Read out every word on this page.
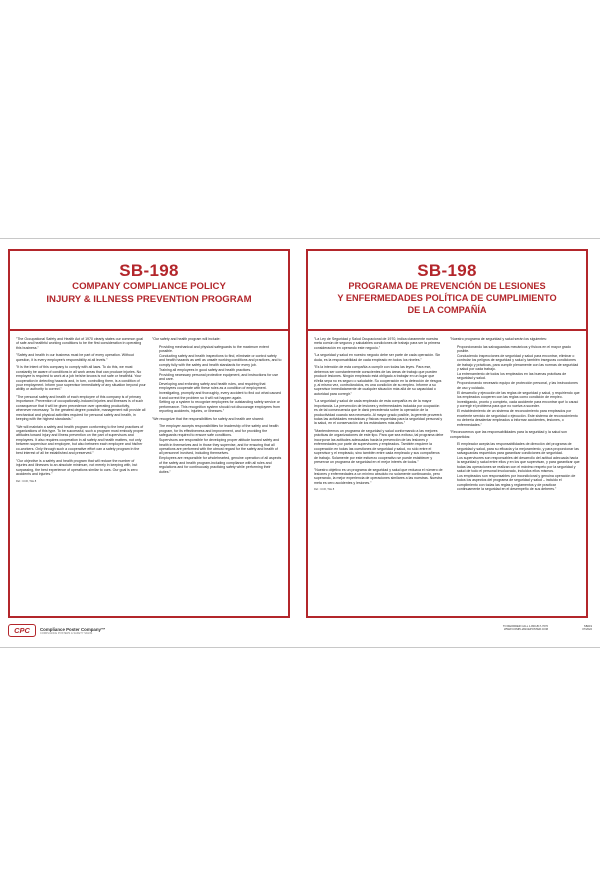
SB-198
COMPANY COMPLIANCE POLICY
INJURY & ILLNESS PREVENTION PROGRAM

"The Occupational Safety and Health Act of 1970 clearly states our common goal of safe and healthful working conditions to be the first consideration in operating this business."

"Safety and health in our business must be part of every operation. Without question, it is every employee's responsibility at all levels."

"It is the intent of this company to comply with all laws. To do this, we must constantly be aware of conditions in all work areas that can produce injuries. No employee is required to work at a job he/she knows is not safe or healthful. Your cooperation in detecting hazards and, in turn, controlling them, is a condition of your employment. Inform your supervisor immediately of any situation beyond your ability or authority to correct."

"The personal safety and health of each employee of this company is of primary importance. Prevention of occupationally-induced injuries and illnesses is of such consequence that it will be given precedence over operating productivity, whenever necessary. To the greatest degree possible, management will provide all mechanical and physical activities required for personal safety and health, in keeping with the highest standards."

"We will maintain a safety and health program conforming to the best practices of organizations of this type. To be successful, such a program must embody proper attitudes toward injury and illness prevention on the part of supervisors and employees. It also requires cooperation in all safety and health matters, not only between supervisor and employee, but also between each employee and his/her co-workers. Only through such a cooperative effort can a safety program in the best interest of all be established and preserved."

"Our objective is a safety and health program that will reduce the number of injuries and illnesses to an absolute minimum, not merely in keeping with, but surpassing, the best experience of operations similar to ours. Our goal is zero accidents and injuries."

Ref.: CCR, Title 8

"Our safety and health program will include:

• Providing mechanical and physical safeguards to the maximum extent possible.
• Conducting safety and health inspections to find, eliminate or control safety and health hazards as well as unsafe working conditions and practices, and to comply fully with the safety and health standards for every job.
• Training all employees in good safety and health practices.
• Providing necessary personal protective equipment, and instructions for use and care.
• Developing and enforcing safety and health rules, and requiring that employees cooperate with these rules as a condition of employment.
• Investigating, promptly and thoroughly, every accident to find out what caused it and correct the problem so it will not happen again.
• Setting up a system to recognize employees for outstanding safety service or performance. This recognition system should not discourage employees from reporting accidents, injuries, or illnesses."

"We recognize that the responsibilities for safety and health are shared:

• The employer accepts responsibilities for leadership of the safety and health program, for its effectiveness and improvement, and for providing the safeguards required to ensure safe conditions.
• Supervisors are responsible for developing proper attitude toward safety and health in themselves and in those they supervise, and for ensuring that all operations are performed with the utmost regard for the safety and health of all personnel involved, including themselves.
• Employees are responsible for wholehearted, genuine operation of all aspects of the safety and health program-including compliance with all rules and regulations and for continuously practicing safety while performing their duties."
SB-198
PROGRAMA DE PREVENCIÓN DE LESIONES
Y ENFERMEDADES POLÍTICA DE CUMPLIMIENTO
DE LA COMPAÑÍA

"La Ley de Seguridad y Salud Ocupacional de 1970, indica claramente nuestra meta común de seguros y saludables condiciones de trabajo para ser la primera consideración en operando este negocio."

"La seguridad y salud en nuestro negocio debe ser parte de cada operación. Sin duda, es la responsabilidad de cada empleado en todos los niveles."

"Es la intención de esta compañía a cumplir con todas las leyes. Para ese, debemos ser constantemente conscientes de las áreas de trabajo que pueden producir lesiones. Ningún empleado está obligado a trabajar en un lugar que él/ella sepa no es seguro o saludable. Su cooperación en la detección de riesgos y, al mismo vez, controlándolos, es una condición de su empleo. Informe a su supervisor inmediatamente de cualquier situación más allá de su capacidad o autoridad para corregir."

"La seguridad y salud de cada empleado de esta compañía es de la mayor importancia. La prevención de lesiones y enfermedades inducida por ocupación es de tal consecuencia que le dará precedencia sobre la operación de la productividad cuando sea necesario. Al mayor grado posible, la gerente proveerá todas las actividades mecánicas y físicas requeridas para la seguridad personal y la salud, en el conservación de los estándares más altos."

"Mantendremos un programa de seguridad y salud conformando a las mejores prácticas de organizaciones de este tipo. Para que sea exitoso, tal programa debe incorporar las actitudes adecuadas hacia la prevención de las lesiones y enfermedades por parte de supervisores y empleados. También requiere la cooperación en todas las cuestiones de seguridad y salud, no sólo entre el supervisor y el empleado, sino también entre cada empleado y sus compañeros de trabajo. Solamente por este esfuerzo cooperativo se puede establecer y preservar un programa de seguridad en el mejor interés de todos."

"Nuestro objetivo es un programa de seguridad y salud que reduzca el número de lesiones y enfermedades a un mínimo absoluto no solamente continuando, pero superando, la mejor experiencia de operaciones similares a las nuestras. Nuestra meta es cero accidentes y lesiones."

Ref.: CCR, Title 8

"Nuestro programa de seguridad y salud serán los siguientes:

• Proporcionando las salvaguardas mecánicos y físicos en el mayor grado posible.
• Conduciendo inspecciones de seguridad y salud para encontrar, eliminar o controlar los peligros de seguridad y salud y también inseguras condiciones de trabajo y prácticas, para cumplir plenamente con las normas de seguridad y salud por cada trabajo.
• La entrenamiento de todos los empleados en las buenas prácticas de seguridad y salud.
• Proporcionando necesario equipo de protección personal, y las instrucciones de uso y cuidado.
• El desarrollo y ejecución de las reglas de seguridad y salud, y requiriendo que los empleados cooperen con las reglas como condición de empleo.
• Investigando, pronto y completo, cada accidente para encontrar qué lo causó y corregir el problema para que no vuelva a suceder.
• El establecimiento de un sistema de reconocimiento para empleados por excelente servicio de seguridad o ejecución. Este sistema de reconocimiento no debería desalentar empleados a informar accidentes, lesiones, o enfermedades."

"Reconocemos que las responsabilidades para la seguridad y la salud son compartidos:

• El empleador acepta las responsabilidades de dirección del programa de seguridad y salud, para su eficacia y la mejoramiento, y para proporcionar las salvaguardas requeridos para garantizar condiciones de seguridad.
• Los supervisores son responsables del desarrollo del actitud adecuada hacia la seguridad y salud entre ellos y en los que supervisan, y para garantizar que todas las operaciones se realizan con el máximo respeto por la seguridad y salud de todo el personal involucrado, incluidos ellos mismos.
• Los empleados son responsables por incondicional y genuina operación de todos los aspectos del programa de seguridad y salud – incluido el cumplimiento con todas las reglas y reglamentos y de practicar continuamente la seguridad en el desempeño de sus deberes."
CPC	Compliance Poster Company™
COMPLIANCE POSTERS & SAFETY SIGNS
TO REORDER CALL 1-800-817-7070
WWW.COMPLIANCEPOSTER.COM
SB219
07/2022
